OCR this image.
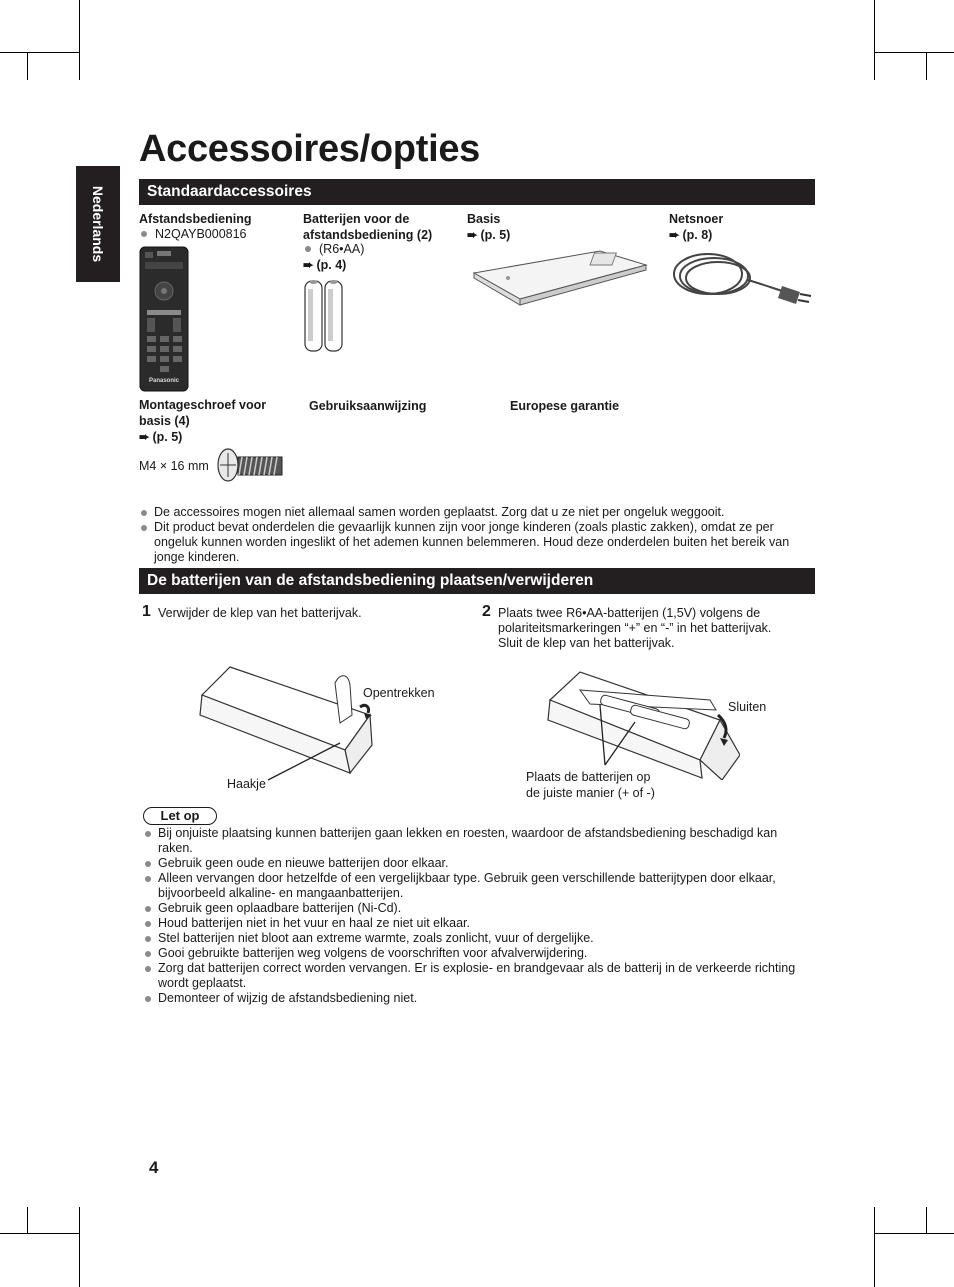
Nederlands
Accessoires/opties
Standaardaccessoires
Afstandsbediening
N2QAYB000816
Panasonic
Batterijen voor de
afstandsbediening (2)
(R6•AA)
➨ (p. 4)
Basis
➨ (p. 5)
Netsnoer
➨ (p. 8)
Montageschroef voor
basis (4)
➨ (p. 5)
M4 × 16 mm
Gebruiksaanwijzing	Europese garantie
De accessoires mogen niet allemaal samen worden geplaatst. Zorg dat u ze niet per ongeluk weggooit.
Dit product bevat onderdelen die gevaarlijk kunnen zijn voor jonge kinderen (zoals plastic zakken), omdat ze per ongeluk kunnen worden ingeslikt of het ademen kunnen belemmeren. Houd deze onderdelen buiten het bereik van jonge kinderen.
De batterijen van de afstandsbediening plaatsen/verwijderen
1 Verwijder de klep van het batterijvak.
Opentrekken
Haakje
2 Plaats twee R6•AA-batterijen (1,5V) volgens de
polariteitsmarkeringen “+” en “-” in het batterijvak.
Sluit de klep van het batterijvak.
Sluiten
Plaats de batterijen op
de juiste manier (+ of -)
Let op
Bij onjuiste plaatsing kunnen batterijen gaan lekken en roesten, waardoor de afstandsbediening beschadigd kan raken.
Gebruik geen oude en nieuwe batterijen door elkaar.
Alleen vervangen door hetzelfde of een vergelijkbaar type. Gebruik geen verschillende batterijtypen door elkaar, bijvoorbeeld alkaline- en mangaanbatterijen.
Gebruik geen oplaadbare batterijen (Ni-Cd).
Houd batterijen niet in het vuur en haal ze niet uit elkaar.
Stel batterijen niet bloot aan extreme warmte, zoals zonlicht, vuur of dergelijke.
Gooi gebruikte batterijen weg volgens de voorschriften voor afvalverwijdering.
Zorg dat batterijen correct worden vervangen. Er is explosie- en brandgevaar als de batterij in de verkeerde richting wordt geplaatst.
Demonteer of wijzig de afstandsbediening niet.
4
